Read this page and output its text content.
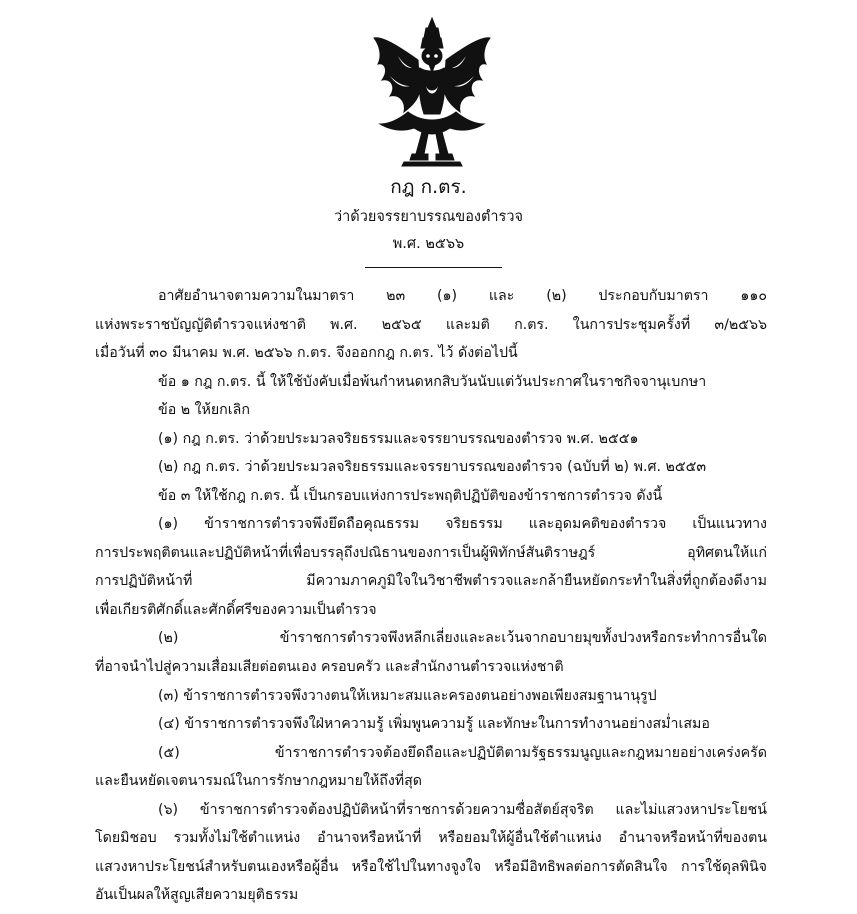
กฎ ก.ตร.
ว่าด้วยจรรยาบรรณของตำรวจ
พ.ศ. ๒๕๖๖
อาศัยอำนาจตามความในมาตรา ๒๓ (๑) และ (๒) ประกอบกับมาตรา ๑๑๐
แห่งพระราชบัญญัติตำรวจแห่งชาติ พ.ศ. ๒๕๖๕ และมติ ก.ตร. ในการประชุมครั้งที่ ๓/๒๕๖๖
เมื่อวันที่ ๓๐ มีนาคม พ.ศ. ๒๕๖๖ ก.ตร. จึงออกกฎ ก.ตร. ไว้ ดังต่อไปนี้
ข้อ ๑ กฎ ก.ตร. นี้ ให้ใช้บังคับเมื่อพ้นกำหนดหกสิบวันนับแต่วันประกาศในราชกิจจานุเบกษา
ข้อ ๒ ให้ยกเลิก
(๑) กฎ ก.ตร. ว่าด้วยประมวลจริยธรรมและจรรยาบรรณของตำรวจ พ.ศ. ๒๕๕๑
(๒) กฎ ก.ตร. ว่าด้วยประมวลจริยธรรมและจรรยาบรรณของตำรวจ (ฉบับที่ ๒) พ.ศ. ๒๕๕๓
ข้อ ๓ ให้ใช้กฎ ก.ตร. นี้ เป็นกรอบแห่งการประพฤติปฏิบัติของข้าราชการตำรวจ ดังนี้
(๑) ข้าราชการตำรวจพึงยึดถือคุณธรรม จริยธรรม และอุดมคติของตำรวจ เป็นแนวทาง
การประพฤติตนและปฏิบัติหน้าที่เพื่อบรรลุถึงปณิธานของการเป็นผู้พิทักษ์สันติราษฎร์ อุทิศตนให้แก่
การปฏิบัติหน้าที่ มีความภาคภูมิใจในวิชาชีพตำรวจและกล้ายืนหยัดกระทำในสิ่งที่ถูกต้องดีงาม
เพื่อเกียรติศักดิ์และศักดิ์ศรีของความเป็นตำรวจ
(๒) ข้าราชการตำรวจพึงหลีกเลี่ยงและละเว้นจากอบายมุขทั้งปวงหรือกระทำการอื่นใด
ที่อาจนำไปสู่ความเสื่อมเสียต่อตนเอง ครอบครัว และสำนักงานตำรวจแห่งชาติ
(๓) ข้าราชการตำรวจพึงวางตนให้เหมาะสมและครองตนอย่างพอเพียงสมฐานานุรูป
(๔) ข้าราชการตำรวจพึงใฝ่หาความรู้ เพิ่มพูนความรู้ และทักษะในการทำงานอย่างสม่ำเสมอ
(๕) ข้าราชการตำรวจต้องยึดถือและปฏิบัติตามรัฐธรรมนูญและกฎหมายอย่างเคร่งครัด
และยืนหยัดเจตนารมณ์ในการรักษากฎหมายให้ถึงที่สุด
(๖) ข้าราชการตำรวจต้องปฏิบัติหน้าที่ราชการด้วยความซื่อสัตย์สุจริต และไม่แสวงหาประโยชน์
โดยมิชอบ รวมทั้งไม่ใช้ตำแหน่ง อำนาจหรือหน้าที่ หรือยอมให้ผู้อื่นใช้ตำแหน่ง อำนาจหรือหน้าที่ของตน
แสวงหาประโยชน์สำหรับตนเองหรือผู้อื่น หรือใช้ไปในทางจูงใจ หรือมีอิทธิพลต่อการตัดสินใจ การใช้ดุลพินิจ
อันเป็นผลให้สูญเสียความยุติธรรม
